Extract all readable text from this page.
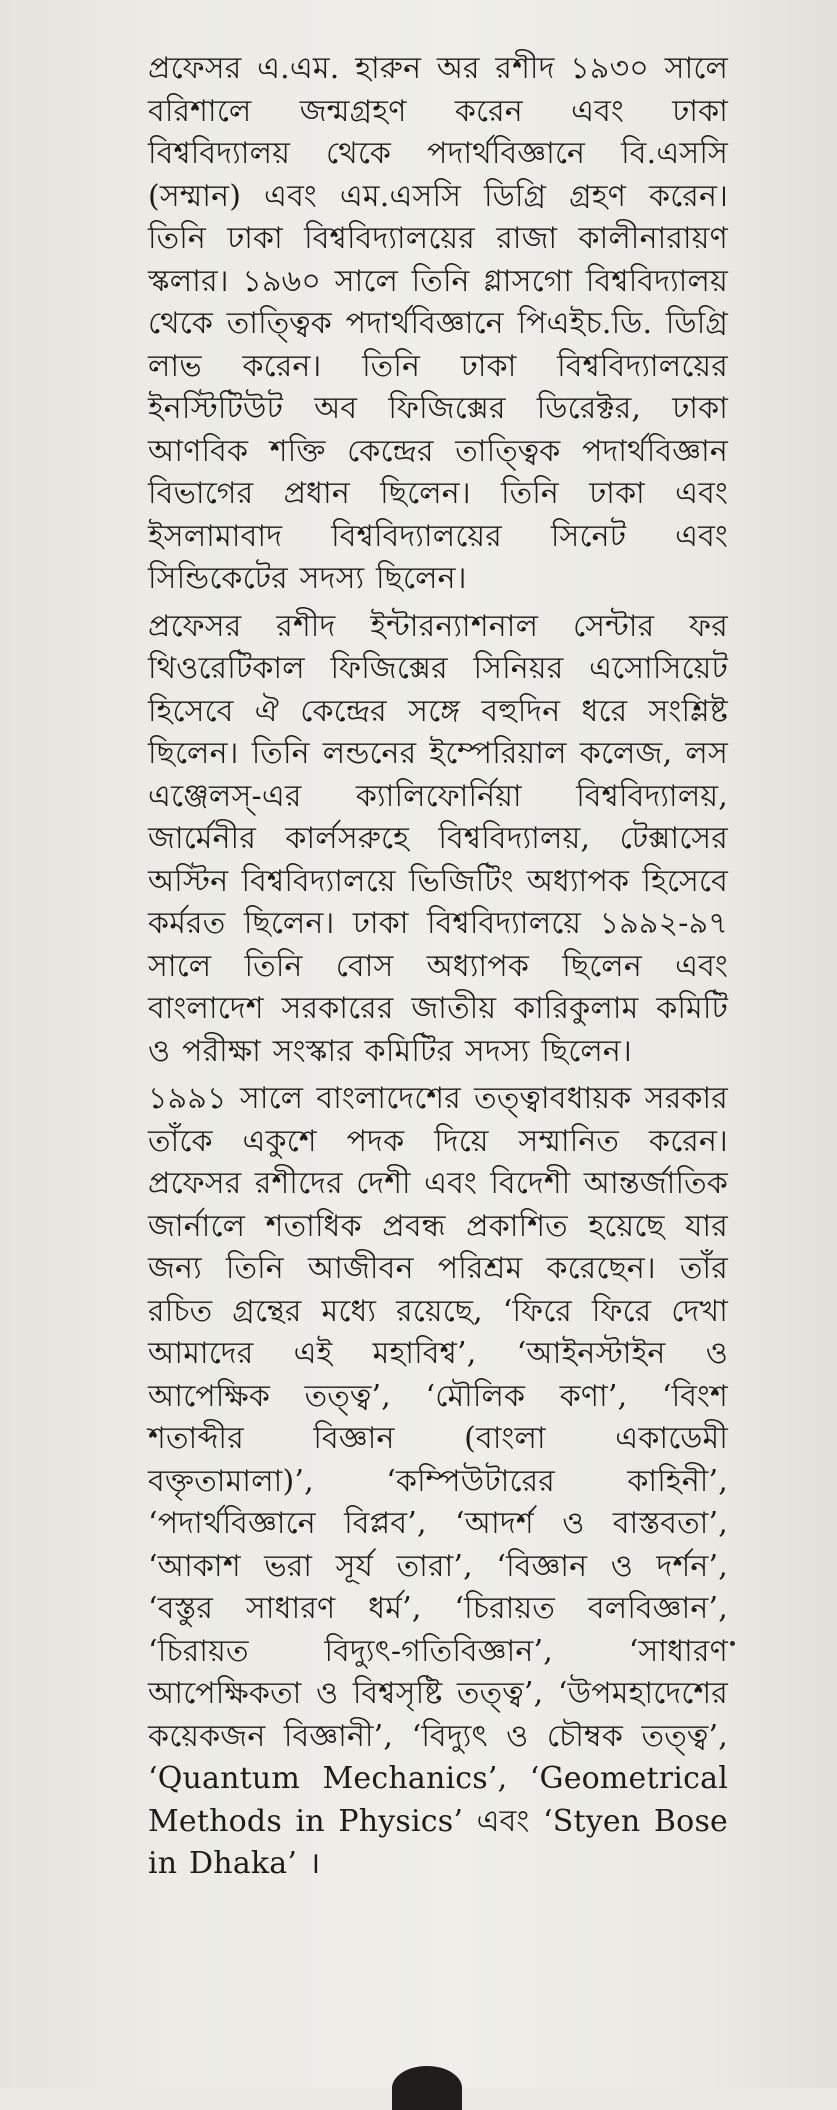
প্রফেসর এ.এম. হারুন অর রশীদ ১৯৩০ সালে বরিশালে জন্মগ্রহণ করেন এবং ঢাকা বিশ্ববিদ্যালয় থেকে পদার্থবিজ্ঞানে বি.এসসি (সম্মান) এবং এম.এসসি ডিগ্রি গ্রহণ করেন। তিনি ঢাকা বিশ্ববিদ্যালয়ের রাজা কালীনারায়ণ স্কলার। ১৯৬০ সালে তিনি গ্লাসগো বিশ্ববিদ্যালয় থেকে তাত্ত্বিক পদার্থবিজ্ঞানে পিএইচ.ডি. ডিগ্রি লাভ করেন। তিনি ঢাকা বিশ্ববিদ্যালয়ের ইনস্টিটিউট অব ফিজিক্সের ডিরেক্টর, ঢাকা আণবিক শক্তি কেন্দ্রের তাত্ত্বিক পদার্থবিজ্ঞান বিভাগের প্রধান ছিলেন। তিনি ঢাকা এবং ইসলামাবাদ বিশ্ববিদ্যালয়ের সিনেট এবং সিন্ডিকেটের সদস্য ছিলেন।

প্রফেসর রশীদ ইন্টারন্যাশনাল সেন্টার ফর থিওরেটিকাল ফিজিক্সের সিনিয়র এসোসিয়েট হিসেবে ঐ কেন্দ্রের সঙ্গে বহুদিন ধরে সংশ্লিষ্ট ছিলেন। তিনি লন্ডনের ইম্পেরিয়াল কলেজ, লস এঞ্জেলস্-এর ক্যালিফোর্নিয়া বিশ্ববিদ্যালয়, জার্মেনীর কার্লসরুহে বিশ্ববিদ্যালয়, টেক্সাসের অস্টিন বিশ্ববিদ্যালয়ে ভিজিটিং অধ্যাপক হিসেবে কর্মরত ছিলেন। ঢাকা বিশ্ববিদ্যালয়ে ১৯৯২-৯৭ সালে তিনি বোস অধ্যাপক ছিলেন এবং বাংলাদেশ সরকারের জাতীয় কারিকুলাম কমিটি ও পরীক্ষা সংস্কার কমিটির সদস্য ছিলেন।

১৯৯১ সালে বাংলাদেশের তত্ত্বাবধায়ক সরকার তাঁকে একুশে পদক দিয়ে সম্মানিত করেন। প্রফেসর রশীদের দেশী এবং বিদেশী আন্তর্জাতিক জার্নালে শতাধিক প্রবন্ধ প্রকাশিত হয়েছে যার জন্য তিনি আজীবন পরিশ্রম করেছেন। তাঁর রচিত গ্রন্থের মধ্যে রয়েছে, ‘ফিরে ফিরে দেখা আমাদের এই মহাবিশ্ব’, ‘আইনস্টাইন ও আপেক্ষিক তত্ত্ব’, ‘মৌলিক কণা’, ‘বিংশ শতাব্দীর বিজ্ঞান (বাংলা একাডেমী বক্তৃতামালা)’, ‘কম্পিউটারের কাহিনী’, ‘পদার্থবিজ্ঞানে বিপ্লব’, ‘আদর্শ ও বাস্তবতা’, ‘আকাশ ভরা সূর্য তারা’, ‘বিজ্ঞান ও দর্শন’, ‘বস্তুর সাধারণ ধর্ম’, ‘চিরায়ত বলবিজ্ঞান’, ‘চিরায়ত বিদ্যুৎ-গতিবিজ্ঞান’, ‘সাধারণ আপেক্ষিকতা ও বিশ্বসৃষ্টি তত্ত্ব’, ‘উপমহাদেশের কয়েকজন বিজ্ঞানী’, ‘বিদ্যুৎ ও চৌম্বক তত্ত্ব’, ‘Quantum Mechanics’, ‘Geometrical Methods in Physics’ এবং ‘Styen Bose in Dhaka’ ।
